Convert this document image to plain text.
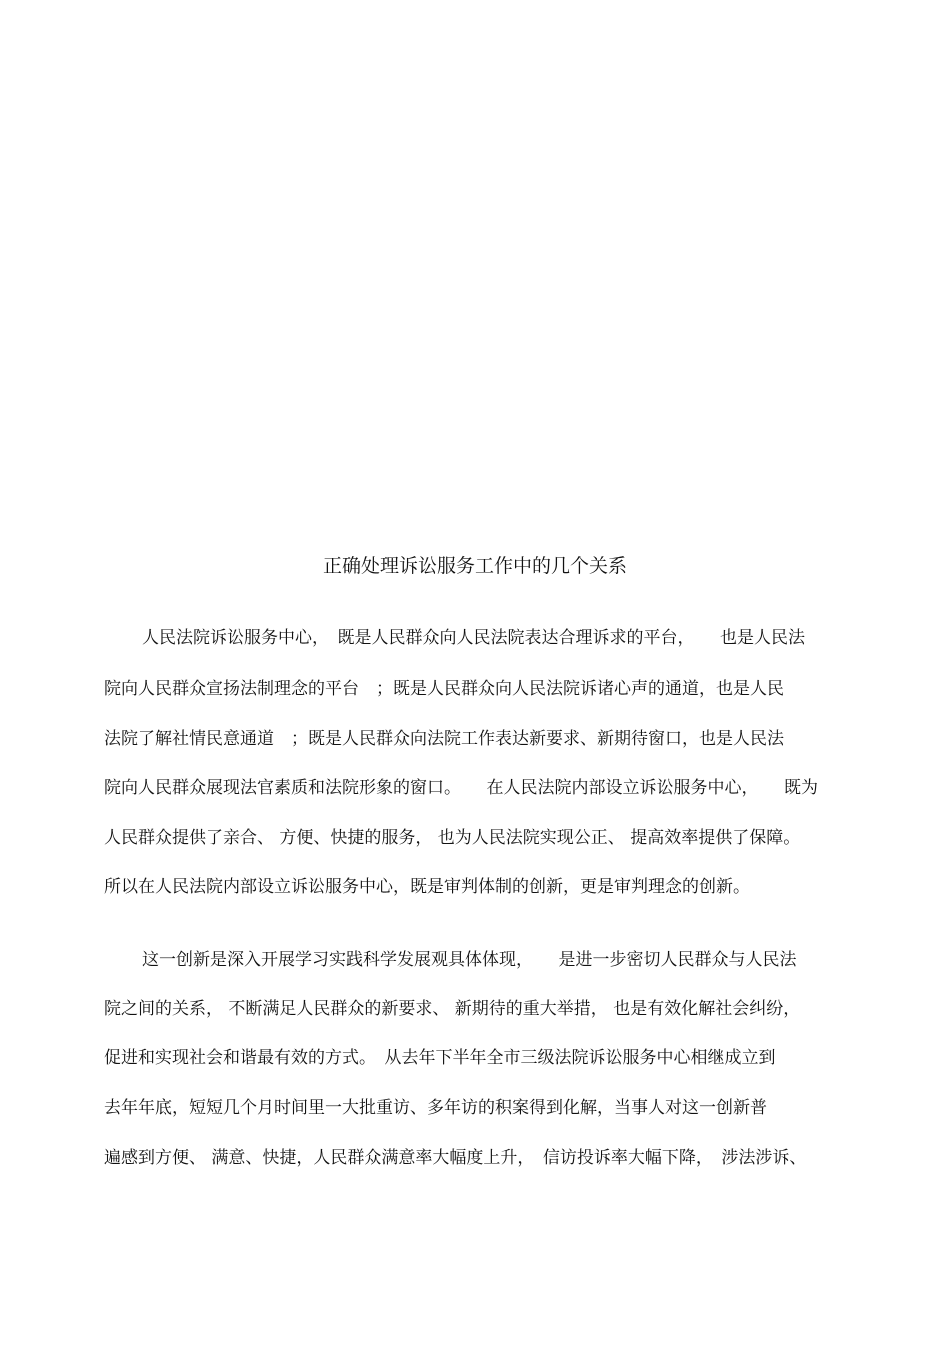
正确处理诉讼服务工作中的几个关系
人民法院诉讼服务中心，　既是人民群众向人民法院表达合理诉求的平台，　　也是人民法
院向人民群众宣扬法制理念的平台　；既是人民群众向人民法院诉诸心声的通道，也是人民
法院了解社情民意通道　；既是人民群众向法院工作表达新要求、新期待窗口，也是人民法
院向人民群众展现法官素质和法院形象的窗口。　　在人民法院内部设立诉讼服务中心，　　既为
人民群众提供了亲合、 方便、快捷的服务， 也为人民法院实现公正、 提高效率提供了保障。
所以在人民法院内部设立诉讼服务中心，既是审判体制的创新，更是审判理念的创新。
这一创新是深入开展学习实践科学发展观具体体现，　　是进一步密切人民群众与人民法
院之间的关系， 不断满足人民群众的新要求、 新期待的重大举措， 也是有效化解社会纠纷，
促进和实现社会和谐最有效的方式。　从去年下半年全市三级法院诉讼服务中心相继成立到
去年年底，短短几个月时间里一大批重访、多年访的积案得到化解，当事人对这一创新普
遍感到方便、 满意、快捷，人民群众满意率大幅度上升，　信访投诉率大幅下降，　涉法涉诉、
